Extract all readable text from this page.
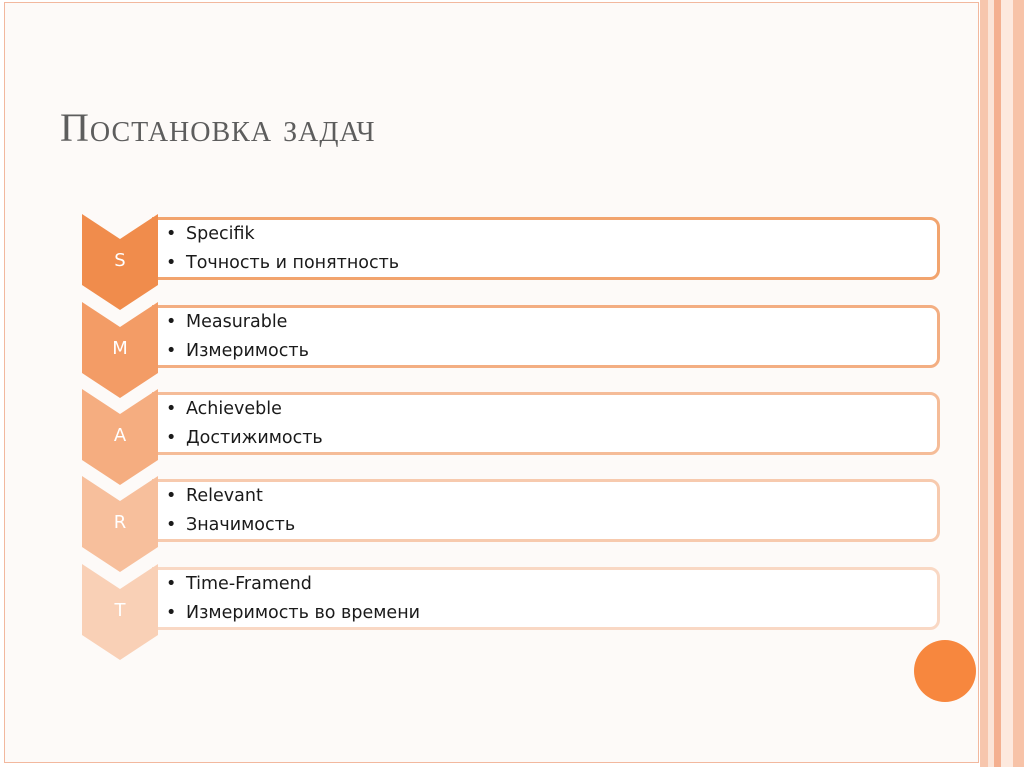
Постановка задач
S
• Specifik
• Точность и понятность
M
• Measurable
• Измеримость
A
• Achieveble
• Достижимость
R
• Relevant
• Значимость
T
• Time-Framend
• Измеримость во времени
